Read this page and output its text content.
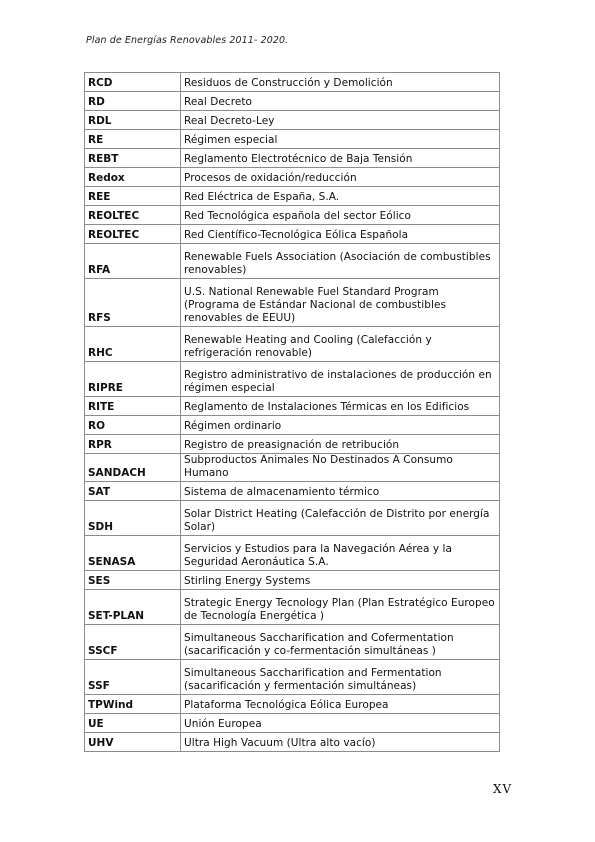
Plan de Energías Renovables 2011- 2020.
RCD	Residuos de Construcción y Demolición
RD	Real Decreto
RDL	Real Decreto-Ley
RE	Régimen especial
REBT	Reglamento Electrotécnico de Baja Tensión
Redox	Procesos de oxidación/reducción
REE	Red Eléctrica de España, S.A.
REOLTEC	Red Tecnológica española del sector Eólico
REOLTEC	Red Científico-Tecnológica Eólica Española
RFA	Renewable Fuels Association (Asociación de combustibles renovables)
RFS	U.S. National Renewable Fuel Standard Program (Programa de Estándar Nacional de combustibles renovables de EEUU)
RHC	Renewable Heating and Cooling (Calefacción y refrigeración renovable)
RIPRE	Registro administrativo de instalaciones de producción en régimen especial
RITE	Reglamento de Instalaciones Térmicas en los Edificios
RO	Régimen ordinario
RPR	Registro de preasignación de retribución
SANDACH	Subproductos Animales No Destinados A Consumo Humano
SAT	Sistema de almacenamiento térmico
SDH	Solar District Heating (Calefacción de Distrito por energía Solar)
SENASA	Servicios y Estudios para la Navegación Aérea y la Seguridad Aeronáutica S.A.
SES	Stirling Energy Systems
SET-PLAN	Strategic Energy Tecnology Plan (Plan Estratégico Europeo de Tecnología Energética )
SSCF	Simultaneous Saccharification and Cofermentation (sacarificación y co-fermentación simultáneas )
SSF	Simultaneous Saccharification and Fermentation (sacarificación y fermentación simultáneas)
TPWind	Plataforma Tecnológica Eólica Europea
UE	Unión Europea
UHV	Ultra High Vacuum (Ultra alto vacío)
XV
